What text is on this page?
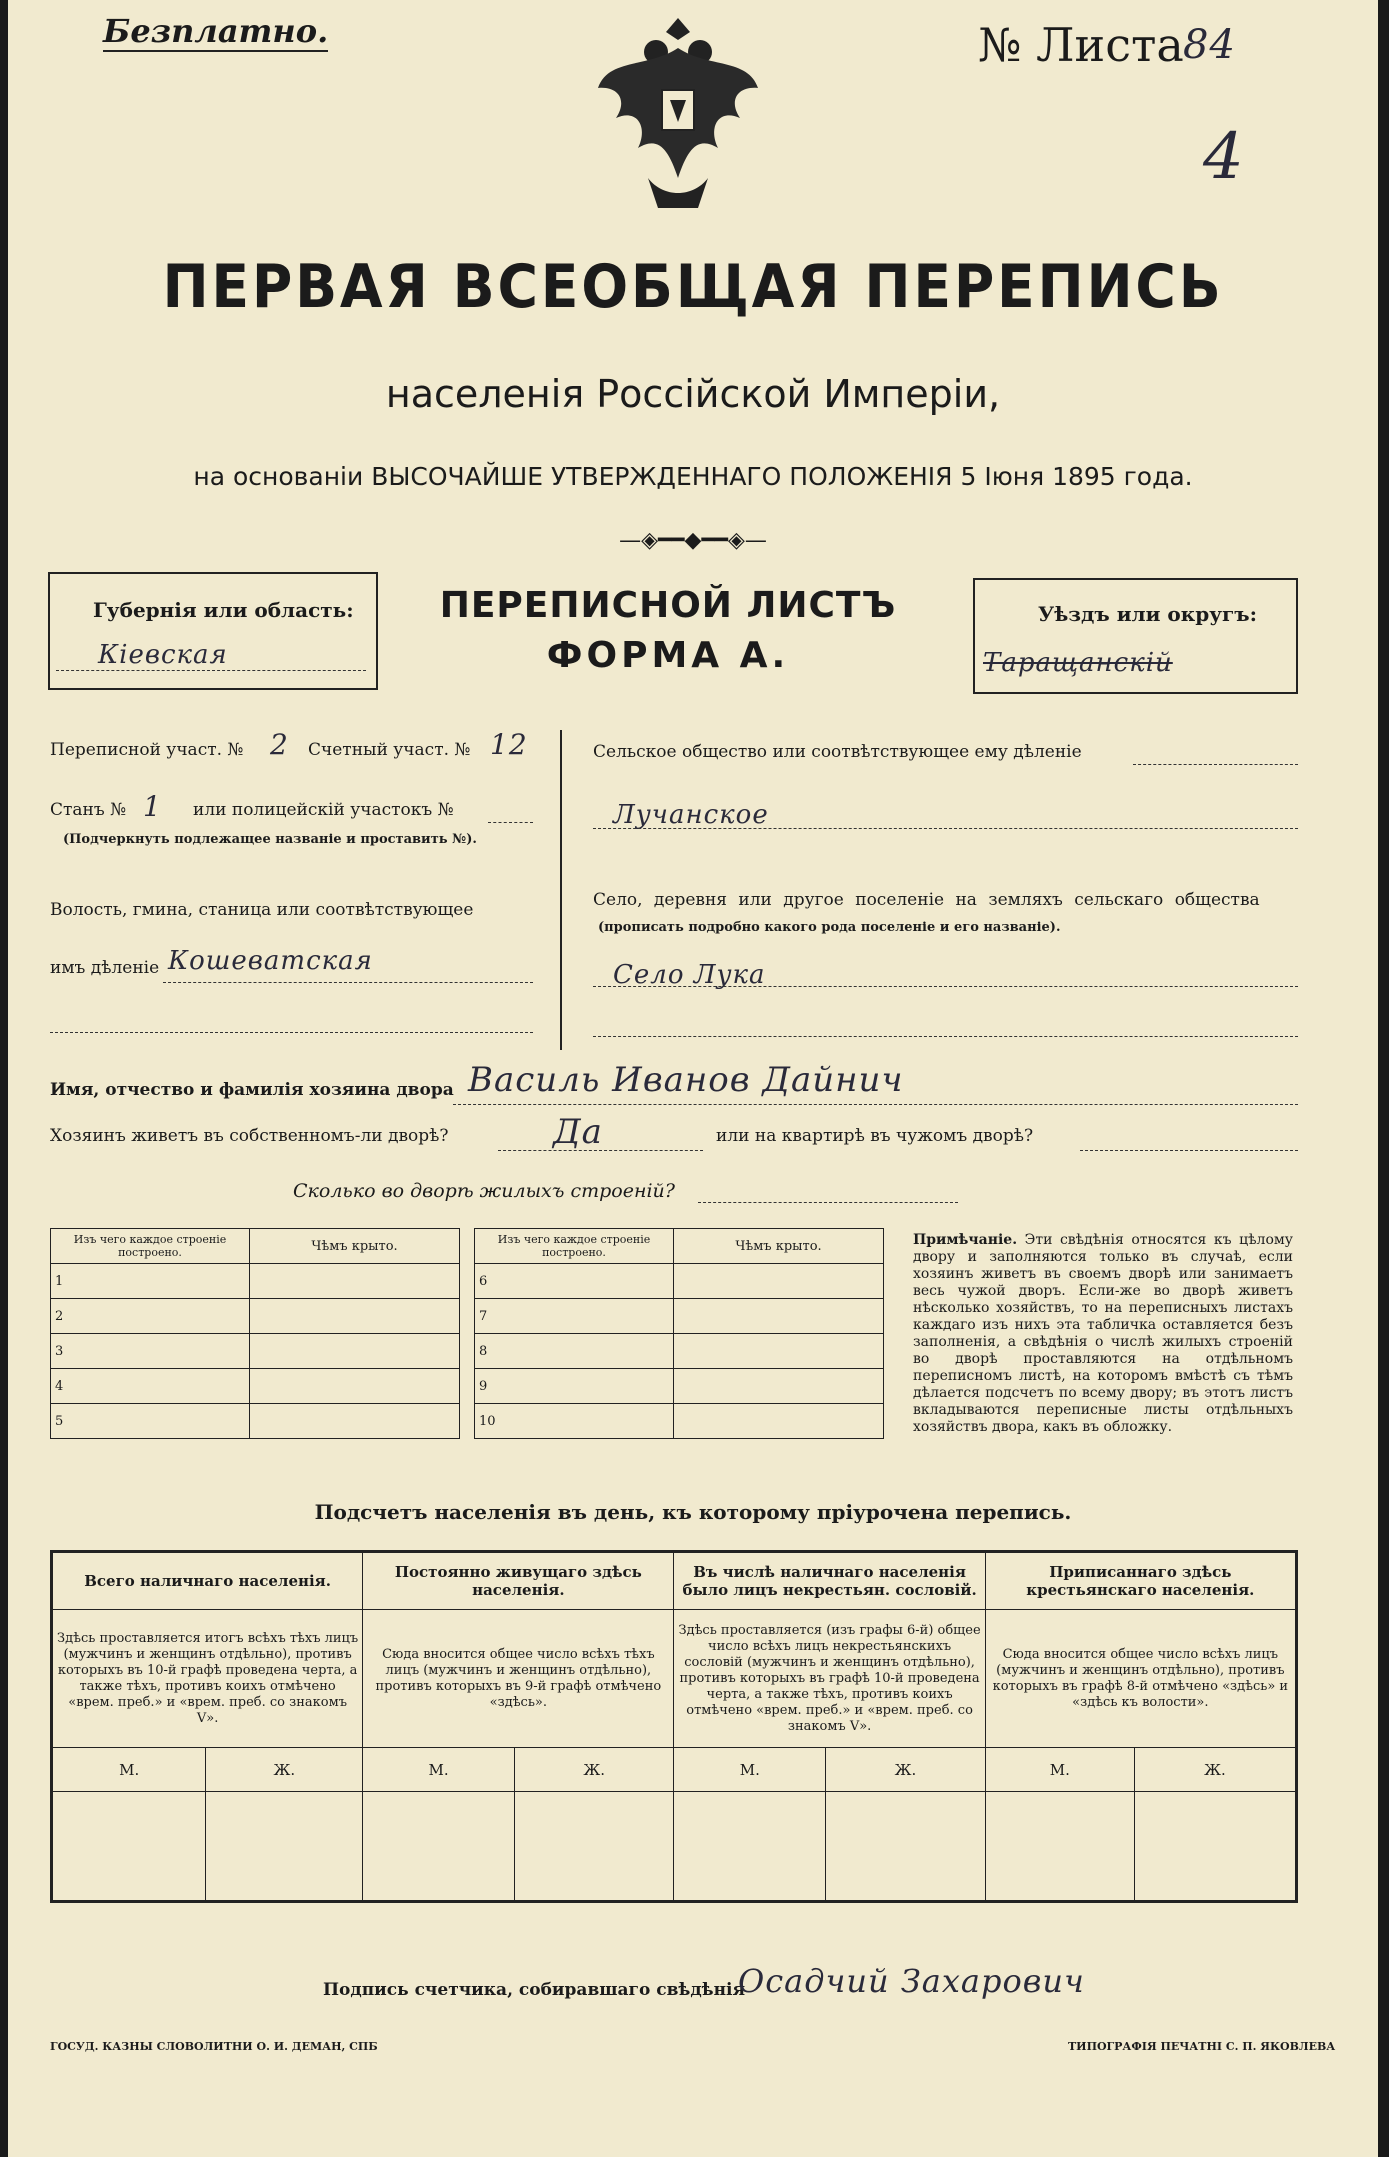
Безплатно.	№ Листа 84
4
ПЕРВАЯ ВСЕОБЩАЯ ПЕРЕПИСЬ
населенія Россійской Имперіи,
на основаніи ВЫСОЧАЙШЕ УТВЕРЖДЕННАГО ПОЛОЖЕНІЯ 5 Іюня 1895 года.
—◈━━◆━━◈—
Губернія или область:
Кіевская
ПЕРЕПИСНОЙ ЛИСТЪ
ФОРМА А.
Уѣздъ или округъ:
Таращанскій
Переписной участ. № 2 Счетный участ. № 12
Станъ № 1 или полицейскій участокъ №
(Подчеркнуть подлежащее названіе и проставить №).
Волость, гмина, станица или соотвѣтствующее
имъ дѣленіе Кошеватская
Сельское общество или соотвѣтствующее ему дѣленіе
Лучанское
Село, деревня или другое поселеніе на земляхъ сельскаго общества
(прописать подробно какого рода поселеніе и его названіе).
Село Лука
Имя, отчество и фамилія хозяина двора Василь Иванов Дайнич
Хозяинъ живетъ въ собственномъ-ли дворѣ?	Да	или на квартирѣ въ чужомъ дворѣ?
Сколько во дворѣ жилыхъ строеній?
Изъ чего каждое строеніе построено.	Чѣмъ крыто.
1	
2	
3	
4	
5	
Изъ чего каждое строеніе построено.	Чѣмъ крыто.
6	
7	
8	
9	
10	
Примѣчаніе. Эти свѣдѣнія относятся къ цѣлому двору и заполняются только въ случаѣ, если хозяинъ живетъ въ своемъ дворѣ или занимаетъ весь чужой дворъ. Если-же во дворѣ живетъ нѣсколько хозяйствъ, то на переписныхъ листахъ каждаго изъ нихъ эта табличка оставляется безъ заполненія, а свѣдѣнія о числѣ жилыхъ строеній во дворѣ проставляются на отдѣльномъ переписномъ листѣ, на которомъ вмѣстѣ съ тѣмъ дѣлается подсчетъ по всему двору; въ этотъ листъ вкладываются переписные листы отдѣльныхъ хозяйствъ двора, какъ въ обложку.
Подсчетъ населенія въ день, къ которому пріурочена перепись.
Всего наличнаго населенія.		Постоянно живущаго здѣсь населенія.		Въ числѣ наличнаго населенія было лицъ некрестьян. сословій.		Приписаннаго здѣсь крестьянскаго населенія.	
Здѣсь проставляется итогъ всѣхъ тѣхъ лицъ (мужчинъ и женщинъ отдѣльно), противъ которыхъ въ 10-й графѣ проведена черта, а также тѣхъ, противъ коихъ отмѣчено «врем. преб.» и «врем. преб. со знакомъ V».		Сюда вносится общее число всѣхъ тѣхъ лицъ (мужчинъ и женщинъ отдѣльно), противъ которыхъ въ 9-й графѣ отмѣчено «здѣсь».		Здѣсь проставляется (изъ графы 6-й) общее число всѣхъ лицъ некрестьянскихъ сословій (мужчинъ и женщинъ отдѣльно), противъ которыхъ въ графѣ 10-й проведена черта, а также тѣхъ, противъ коихъ отмѣчено «врем. преб.» и «врем. преб. со знакомъ V».		Сюда вносится общее число всѣхъ лицъ (мужчинъ и женщинъ отдѣльно), противъ которыхъ въ графѣ 8-й отмѣчено «здѣсь» и «здѣсь къ волости».	
М.	Ж.	М.	Ж.	М.	Ж.	М.	Ж.

Подпись счетчика, собиравшаго свѣдѣнія
Осадчий Захарович
ГОСУД. КАЗНЫ СЛОВОЛИТНИ О. И. ДЕМАН, СПБ	ТИПОГРАФІЯ ПЕЧАТНІ С. П. ЯКОВЛЕВА
